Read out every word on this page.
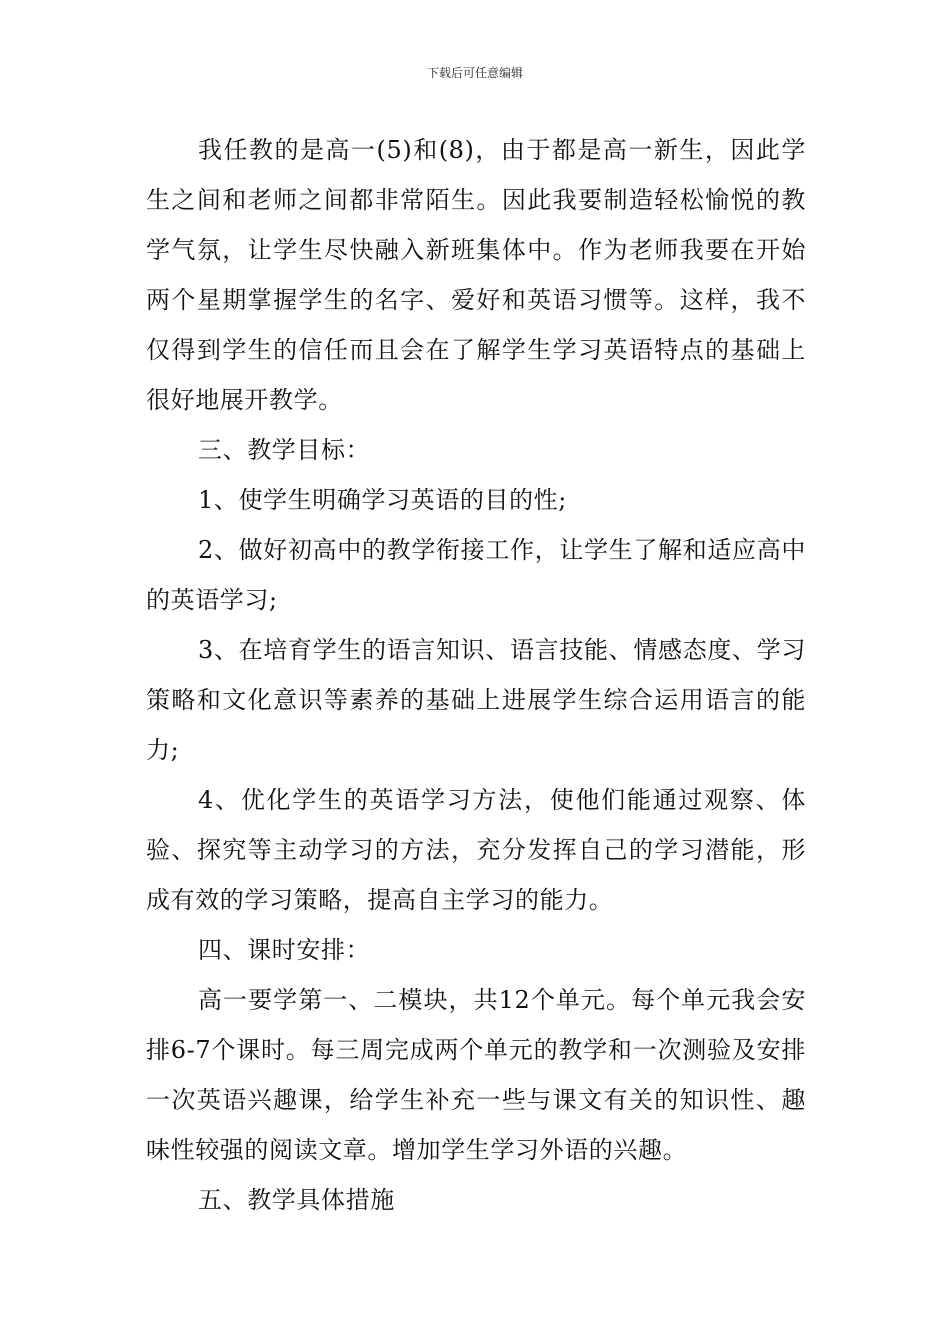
下载后可任意编辑

我任教的是高一(5)和(8)，由于都是高一新生，因此学生之间和老师之间都非常陌生。因此我要制造轻松愉悦的教学气氛，让学生尽快融入新班集体中。作为老师我要在开始两个星期掌握学生的名字、爱好和英语习惯等。这样，我不仅得到学生的信任而且会在了解学生学习英语特点的基础上很好地展开教学。

三、教学目标：

1、使学生明确学习英语的目的性;

2、做好初高中的教学衔接工作，让学生了解和适应高中的英语学习;

3、在培育学生的语言知识、语言技能、情感态度、学习策略和文化意识等素养的基础上进展学生综合运用语言的能力;

4、优化学生的英语学习方法，使他们能通过观察、体验、探究等主动学习的方法，充分发挥自己的学习潜能，形成有效的学习策略，提高自主学习的能力。

四、课时安排：

高一要学第一、二模块，共12个单元。每个单元我会安排6-7个课时。每三周完成两个单元的教学和一次测验及安排一次英语兴趣课，给学生补充一些与课文有关的知识性、趣味性较强的阅读文章。增加学生学习外语的兴趣。

五、教学具体措施
